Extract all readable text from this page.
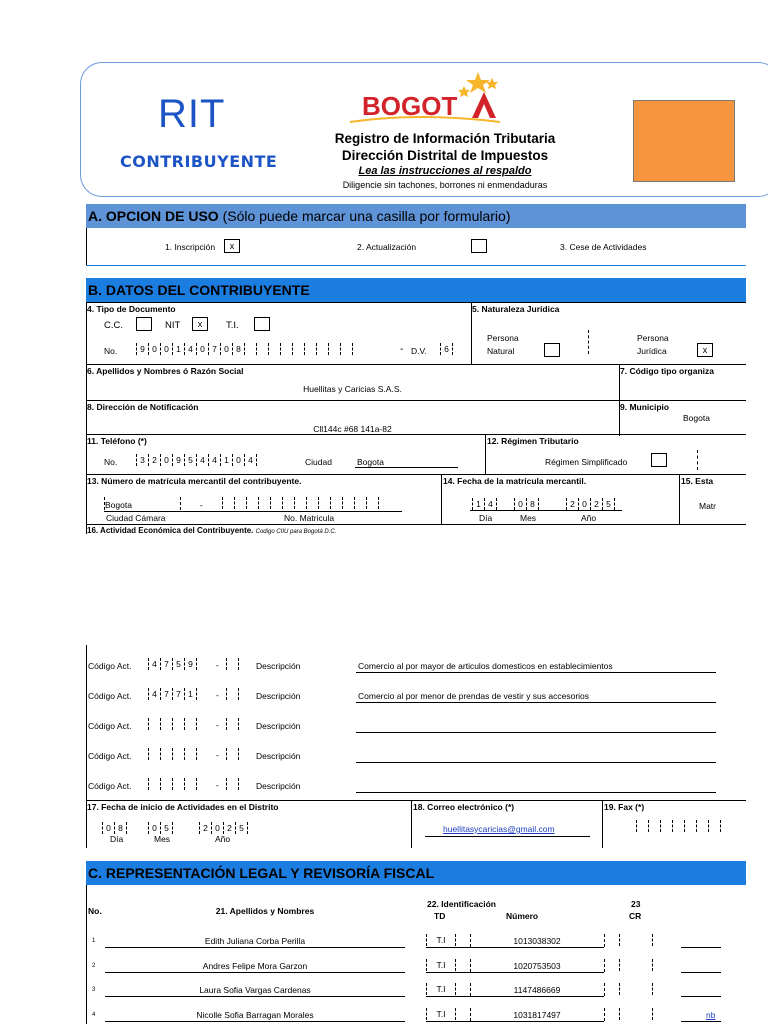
RIT
CONTRIBUYENTE
BOGOT
Registro de Información Tributaria
Dirección Distrital de Impuestos
Lea las instrucciones al respaldo
Diligencie sin tachones, borrones ni enmendaduras
A. OPCION DE USO
(Sólo puede marcar una casilla por formulario)
1. Inscripción	x	2. Actualización	3. Cese de Actividades
B. DATOS DEL CONTRIBUYENTE
4. Tipo de Documento	5. Naturaleza Jurídica
C.C.	NIT	x	T.I.
No.	9 0 0 1 4 0 7 0 8	- D.V.	6
Persona
Natural
Persona
Jurídica	x
6. Apellidos y Nombres ó Razón Social	7. Código tipo organiza
Huellitas y Caricias S.A.S.
8. Dirección de Notificación	9. Municipio
Cll144c #68 141a-82
Bogota
11. Teléfono (*)	12. Régimen Tributario
No.	3 2 0 9 5 4 4 1 0 4	Ciudad	Bogota	Régimen Simplificado
13. Número de matrícula mercantil del contribuyente.	14. Fecha de la matrícula mercantil.	15. Esta
Bogota	-
Ciudad Cámara	No. Matricula
1 4	0 8	2 0 2 5
Día	Mes	Año
Matr
16. Actividad Económica del Contribuyente. Codigo CIIU para Bogotá D.C.
Código Act.	4 7 5 9	-	Descripción	Comercio al por mayor de articulos domesticos en establecimientos
Código Act.	4 7 7 1	-	Descripción	Comercio al por menor de prendas de vestir y sus accesorios
Código Act.	-	Descripción
Código Act.	-	Descripción
Código Act.	-	Descripción
17. Fecha de inicio de Actividades en el Distrito	18. Correo electrónico (*)	19. Fax (*)
0 8	0 5	2 0 2 5
Día	Mes	Año
huellitasycaricias@gmail.com
C. REPRESENTACIÓN LEGAL Y REVISORÍA FISCAL
No.	21. Apellidos y Nombres
22. Identificación
TD	Número
23
CR
1	Edith Juliana Corba Perilla	T.I	1013038302
2	Andres Felipe Mora Garzon	T.I	1020753503
3	Laura Sofia Vargas Cardenas	T.I	1147486669
4	Nicolle Sofia Barragan Morales	T.I	1031817497	nb
